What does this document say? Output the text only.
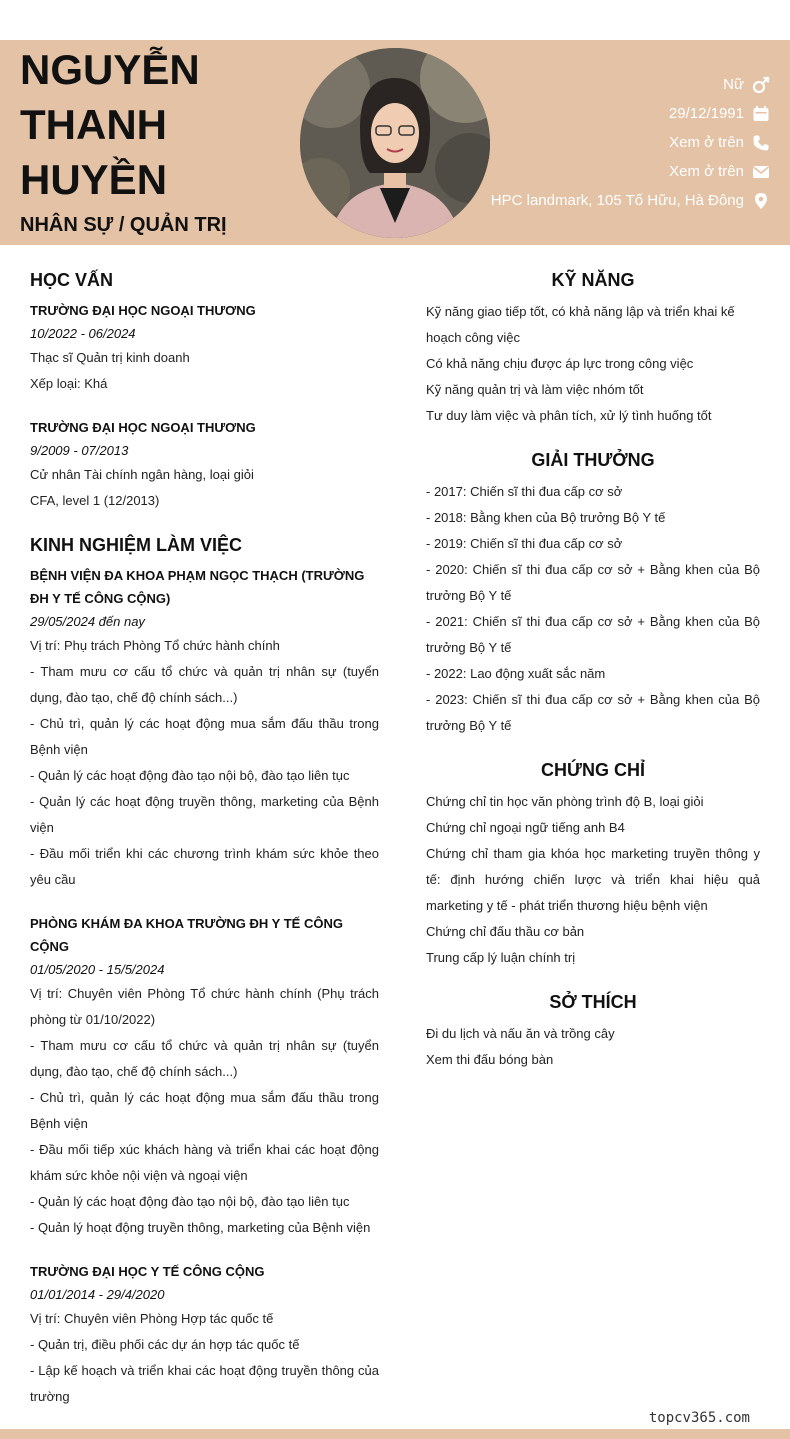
NGUYỄN
THANH
HUYỀN
NHÂN SỰ / QUẢN TRỊ
Nữ
29/12/1991
Xem ở trên
Xem ở trên
HPC landmark, 105 Tố Hữu, Hà Đông
HỌC VẤN
TRƯỜNG ĐẠI HỌC NGOẠI THƯƠNG
10/2022 - 06/2024
Thạc sĩ Quản trị kinh doanh
Xếp loại: Khá
TRƯỜNG ĐẠI HỌC NGOẠI THƯƠNG
9/2009 - 07/2013
Cử nhân Tài chính ngân hàng, loại giỏi
CFA, level 1 (12/2013)
KINH NGHIỆM LÀM VIỆC
BỆNH VIỆN ĐA KHOA PHẠM NGỌC THẠCH (TRƯỜNG ĐH Y TẾ CÔNG CỘNG)
29/05/2024 đến nay
Vị trí: Phụ trách Phòng Tổ chức hành chính
- Tham mưu cơ cấu tổ chức và quản trị nhân sự (tuyển dụng, đào tạo, chế độ chính sách...)
- Chủ trì, quản lý các hoạt động mua sắm đấu thầu trong Bệnh viện
- Quản lý các hoạt động đào tạo nội bộ, đào tạo liên tục
- Quản lý các hoạt động truyền thông, marketing của Bệnh viện
- Đầu mối triển khi các chương trình khám sức khỏe theo yêu cầu
PHÒNG KHÁM ĐA KHOA TRƯỜNG ĐH Y TẾ CÔNG CỘNG
01/05/2020 - 15/5/2024
Vị trí: Chuyên viên Phòng Tổ chức hành chính (Phụ trách phòng từ 01/10/2022)
- Tham mưu cơ cấu tổ chức và quản trị nhân sự (tuyển dụng, đào tạo, chế độ chính sách...)
- Chủ trì, quản lý các hoạt động mua sắm đấu thầu trong Bệnh viện
- Đầu mối tiếp xúc khách hàng và triển khai các hoạt động khám sức khỏe nội viện và ngoại viện
- Quản lý các hoạt động đào tạo nội bộ, đào tạo liên tục
- Quản lý hoạt động truyền thông, marketing của Bệnh viện
TRƯỜNG ĐẠI HỌC Y TẾ CÔNG CỘNG
01/01/2014 - 29/4/2020
Vị trí: Chuyên viên Phòng Hợp tác quốc tế
- Quản trị, điều phối các dự án hợp tác quốc tế
- Lập kế hoạch và triển khai các hoạt động truyền thông của trường
KỸ NĂNG
Kỹ năng giao tiếp tốt, có khả năng lập và triển khai kế hoạch công việc
Có khả năng chịu được áp lực trong công việc
Kỹ năng quản trị và làm việc nhóm tốt
Tư duy làm việc và phân tích, xử lý tình huống tốt
GIẢI THƯỞNG
- 2017: Chiến sĩ thi đua cấp cơ sở
- 2018: Bằng khen của Bộ trưởng Bộ Y tế
- 2019: Chiến sĩ thi đua cấp cơ sở
- 2020: Chiến sĩ thi đua cấp cơ sở + Bằng khen của Bộ trưởng Bộ Y tế
- 2021: Chiến sĩ thi đua cấp cơ sở + Bằng khen của Bộ trưởng Bộ Y tế
- 2022: Lao động xuất sắc năm
- 2023: Chiến sĩ thi đua cấp cơ sở + Bằng khen của Bộ trưởng Bộ Y tế
CHỨNG CHỈ
Chứng chỉ tin học văn phòng trình độ B, loại giỏi
Chứng chỉ ngoại ngữ tiếng anh B4
Chứng chỉ tham gia khóa học marketing truyền thông y tế: định hướng chiến lược và triển khai hiệu quả marketing y tế - phát triển thương hiệu bệnh viện
Chứng chỉ đấu thầu cơ bản
Trung cấp lý luận chính trị
SỞ THÍCH
Đi du lịch và nấu ăn và trồng cây
Xem thi đấu bóng bàn
topcv365.com
